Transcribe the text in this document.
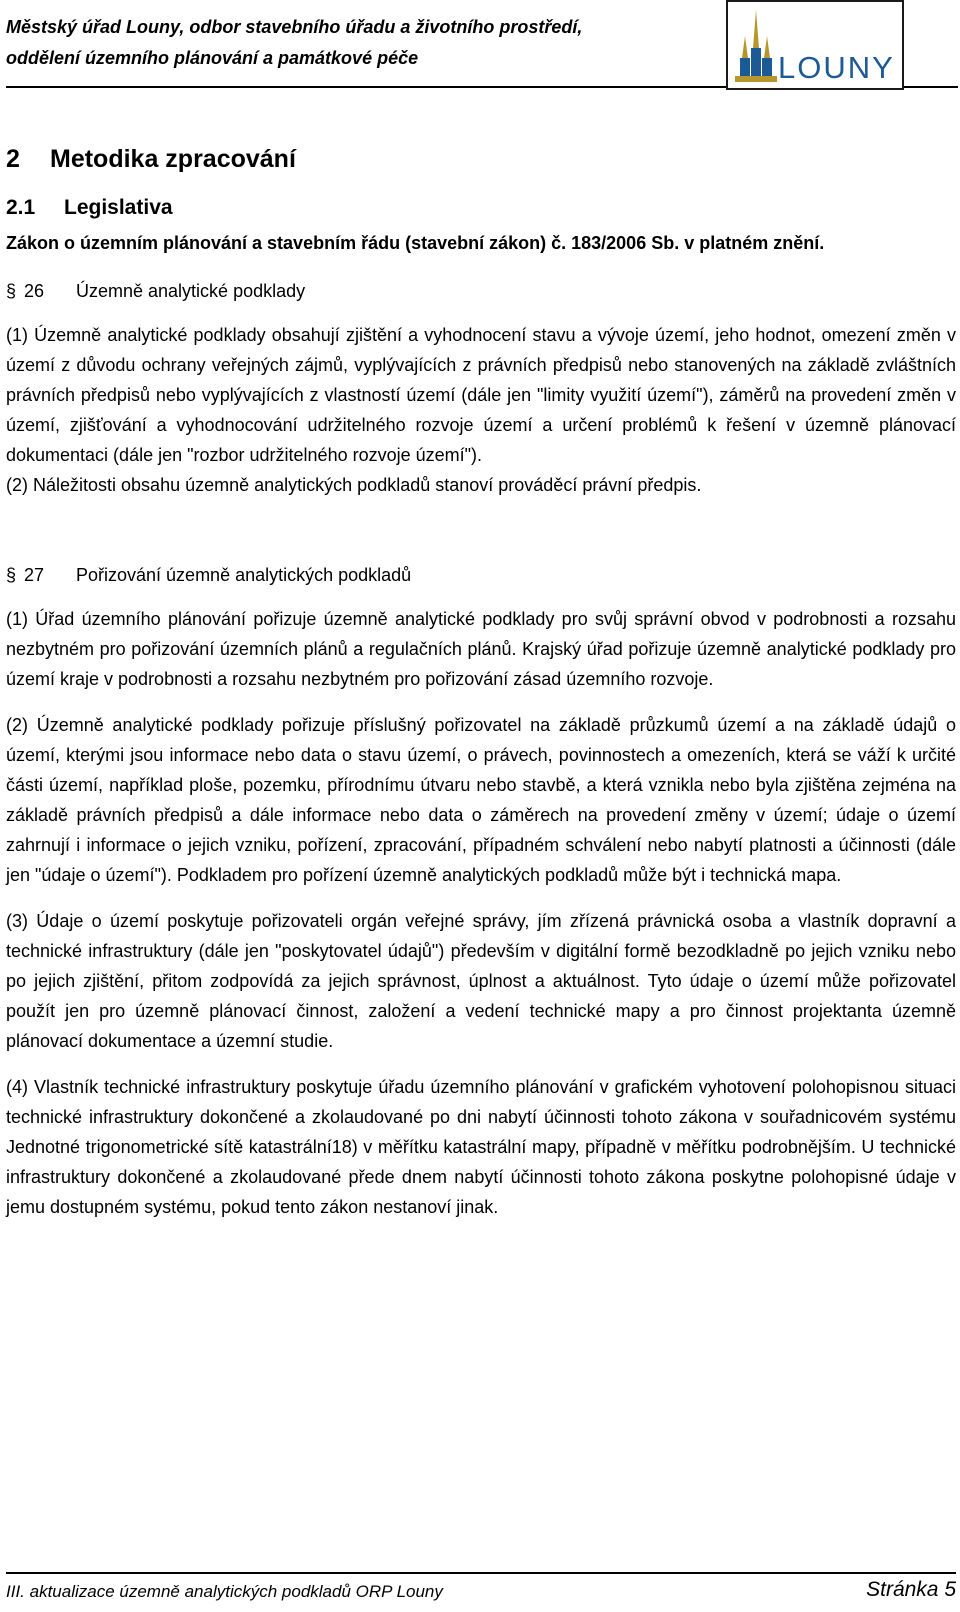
Městský úřad Louny, odbor stavebního úřadu a životního prostředí,
oddělení územního plánování a památkové péče	LOUNY
2 Metodika zpracování
2.1 Legislativa
Zákon o územním plánování a stavebním řádu (stavební zákon) č. 183/2006 Sb. v platném znění.
§ 26 Územně analytické podklady

(1) Územně analytické podklady obsahují zjištění a vyhodnocení stavu a vývoje území, jeho hodnot, omezení změn v území z důvodu ochrany veřejných zájmů, vyplývajících z právních předpisů nebo stanovených na základě zvláštních právních předpisů nebo vyplývajících z vlastností území (dále jen "limity využití území"), záměrů na provedení změn v území, zjišťování a vyhodnocování udržitelného rozvoje území a určení problémů k řešení v územně plánovací dokumentaci (dále jen "rozbor udržitelného rozvoje území").

(2) Náležitosti obsahu územně analytických podkladů stanoví prováděcí právní předpis.

§ 27 Pořizování územně analytických podkladů

(1) Úřad územního plánování pořizuje územně analytické podklady pro svůj správní obvod v podrobnosti a rozsahu nezbytném pro pořizování územních plánů a regulačních plánů. Krajský úřad pořizuje územně analytické podklady pro území kraje v podrobnosti a rozsahu nezbytném pro pořizování zásad územního rozvoje.

(2) Územně analytické podklady pořizuje příslušný pořizovatel na základě průzkumů území a na základě údajů o území, kterými jsou informace nebo data o stavu území, o právech, povinnostech a omezeních, která se váží k určité části území, například ploše, pozemku, přírodnímu útvaru nebo stavbě, a která vznikla nebo byla zjištěna zejména na základě právních předpisů a dále informace nebo data o záměrech na provedení změny v území; údaje o území zahrnují i informace o jejich vzniku, pořízení, zpracování, případném schválení nebo nabytí platnosti a účinnosti (dále jen "údaje o území"). Podkladem pro pořízení územně analytických podkladů může být i technická mapa.

(3) Údaje o území poskytuje pořizovateli orgán veřejné správy, jím zřízená právnická osoba a vlastník dopravní a technické infrastruktury (dále jen "poskytovatel údajů") především v digitální formě bezodkladně po jejich vzniku nebo po jejich zjištění, přitom zodpovídá za jejich správnost, úplnost a aktuálnost. Tyto údaje o území může pořizovatel použít jen pro územně plánovací činnost, založení a vedení technické mapy a pro činnost projektanta územně plánovací dokumentace a územní studie.

(4) Vlastník technické infrastruktury poskytuje úřadu územního plánování v grafickém vyhotovení polohopisnou situaci technické infrastruktury dokončené a zkolaudované po dni nabytí účinnosti tohoto zákona v souřadnicovém systému Jednotné trigonometrické sítě katastrální18) v měřítku katastrální mapy, případně v měřítku podrobnějším. U technické infrastruktury dokončené a zkolaudované přede dnem nabytí účinnosti tohoto zákona poskytne polohopisné údaje v jemu dostupném systému, pokud tento zákon nestanoví jinak.

III. aktualizace územně analytických podkladů ORP Louny	Stránka 5
